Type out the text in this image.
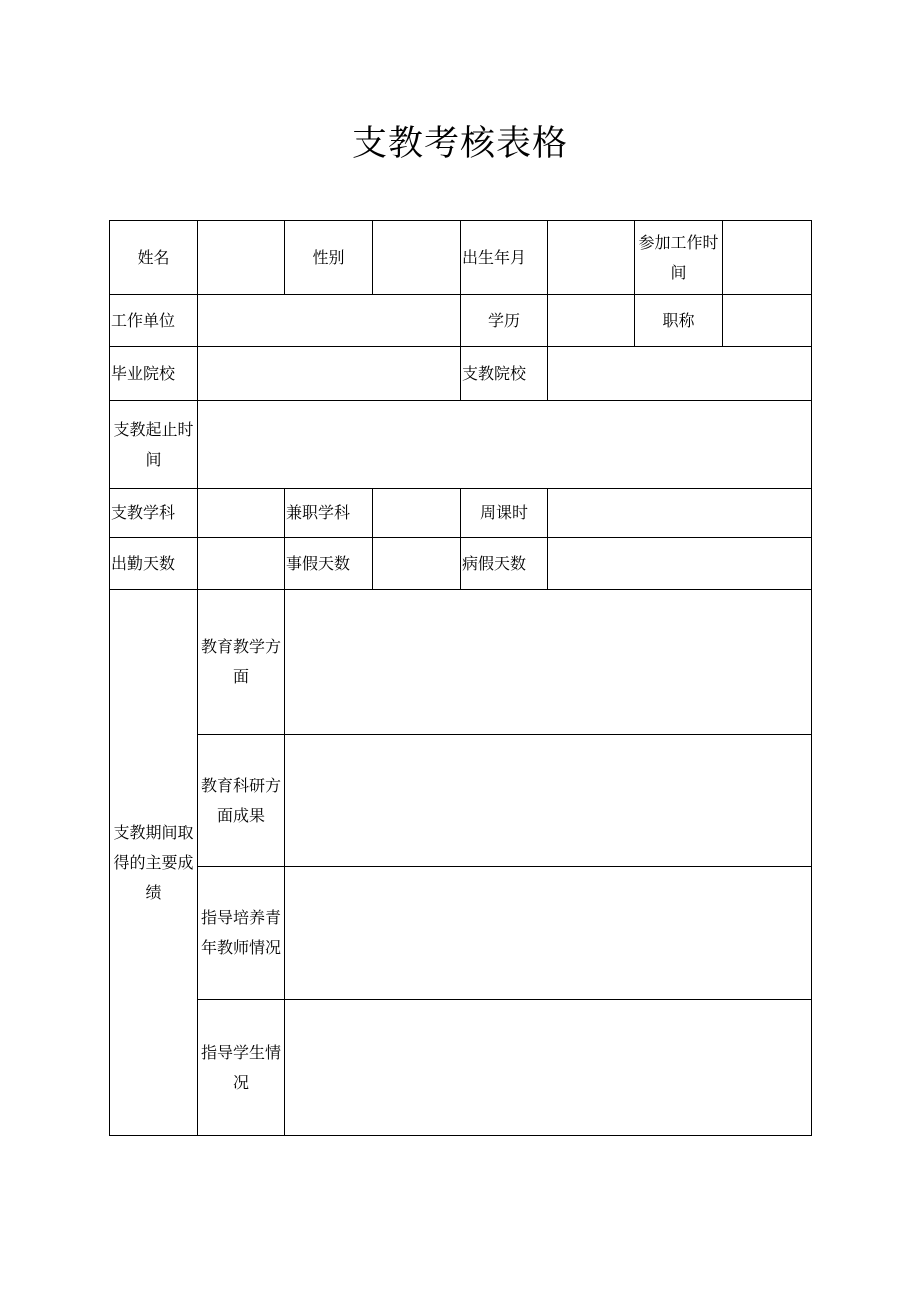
支教考核表格
姓名		性别		出生年月		参加工作时间	
工作单位				学历		职称	
毕业院校				支教院校			
支教起止时间							
支教学科		兼职学科		周课时			
出勤天数		事假天数		病假天数			
支教期间取得的主要成绩	教育教学方面						
	教育科研方面成果						
	指导培养青年教师情况						
	指导学生情况						
